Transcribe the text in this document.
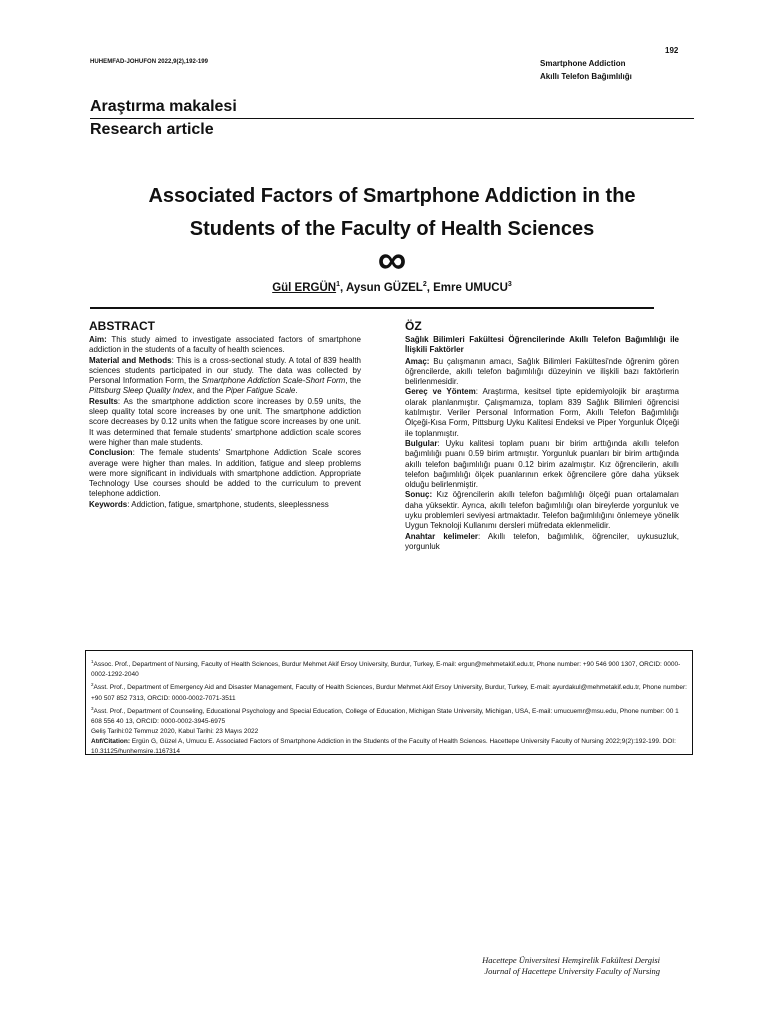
192
HUHEMFAD-JOHUFON 2022,9(2),192-199	Smartphone Addiction
Akıllı Telefon Bağımlılığı
Araştırma makalesi
Research article
Associated Factors of Smartphone Addiction in the
Students of the Faculty of Health Sciences
∞
Gül ERGÜN$^1$, Aysun GÜZEL$^2$, Emre UMUCU$^3$
ABSTRACT

Aim: This study aimed to investigate associated factors of smartphone addiction in the students of a faculty of health sciences.

Material and Methods: This is a cross-sectional study. A total of 839 health sciences students participated in our study. The data was collected by Personal Information Form, the Smartphone Addiction Scale-Short Form, the Pittsburg Sleep Quality Index, and the Piper Fatigue Scale.

Results: As the smartphone addiction score increases by 0.59 units, the sleep quality total score increases by one unit. The smartphone addiction score decreases by 0.12 units when the fatigue score increases by one unit. It was determined that female students' smartphone addiction scale scores were higher than male students.

Conclusion: The female students' Smartphone Addiction Scale scores average were higher than males. In addition, fatigue and sleep problems were more significant in individuals with smartphone addiction. Appropriate Technology Use courses should be added to the curriculum to prevent telephone addiction.

Keywords: Addiction, fatigue, smartphone, students, sleeplessness

ÖZ

Sağlık Bilimleri Fakültesi Öğrencilerinde Akıllı Telefon Bağımlılığı ile İlişkili Faktörler

Amaç: Bu çalışmanın amacı, Sağlık Bilimleri Fakültesi'nde öğrenim gören öğrencilerde, akıllı telefon bağımlılığı düzeyinin ve ilişkili bazı faktörlerin belirlenmesidir.

Gereç ve Yöntem: Araştırma, kesitsel tipte epidemiyolojik bir araştırma olarak planlanmıştır. Çalışmamıza, toplam 839 Sağlık Bilimleri öğrencisi katılmıştır. Veriler Personal Information Form, Akıllı Telefon Bağımlılığı Ölçeği-Kısa Form, Pittsburg Uyku Kalitesi Endeksi ve Piper Yorgunluk Ölçeği ile toplanmıştır.

Bulgular: Uyku kalitesi toplam puanı bir birim arttığında akıllı telefon bağımlılığı puanı 0.59 birim artmıştır. Yorgunluk puanları bir birim arttığında akıllı telefon bağımlılığı puanı 0.12 birim azalmıştır. Kız öğrencilerin, akıllı telefon bağımlılığı ölçek puanlarının erkek öğrencilere göre daha yüksek olduğu belirlenmiştir.

Sonuç: Kız öğrencilerin akıllı telefon bağımlılığı ölçeği puan ortalamaları daha yüksektir. Ayrıca, akıllı telefon bağımlılığı olan bireylerde yorgunluk ve uyku problemleri seviyesi artmaktadır. Telefon bağımlılığını önlemeye yönelik Uygun Teknoloji Kullanımı dersleri müfredata eklenmelidir.

Anahtar kelimeler: Akıllı telefon, bağımlılık, öğrenciler, uykusuzluk, yorgunluk

$^1$Assoc. Prof., Department of Nursing, Faculty of Health Sciences, Burdur Mehmet Akif Ersoy University, Burdur, Turkey, E-mail: ergun@mehmetakif.edu.tr, Phone number: +90 546 900 1307, ORCID: 0000-0002-1292-2040

$^2$Asst. Prof., Department of Emergency Aid and Disaster Management, Faculty of Health Sciences, Burdur Mehmet Akif Ersoy University, Burdur, Turkey, E-mail: ayurdakul@mehmetakif.edu.tr, Phone number: +90 507 852 7313, ORCID: 0000-0002-7071-3511

$^3$Asst. Prof., Department of Counseling, Educational Psychology and Special Education, College of Education, Michigan State University, Michigan, USA, E-mail: umucuemr@msu.edu, Phone number: 00 1 608 556 40 13, ORCID: 0000-0002-3945-6975

Geliş Tarihi:02 Temmuz 2020, Kabul Tarihi: 23 Mayıs 2022

Atıf/Citation: Ergün G, Güzel A, Umucu E. Associated Factors of Smartphone Addiction in the Students of the Faculty of Health Sciences. Hacettepe University Faculty of Nursing 2022;9(2):192-199. DOI: 10.31125/hunhemsire.1167314

Hacettepe Üniversitesi Hemşirelik Fakültesi Dergisi
Journal of Hacettepe University Faculty of Nursing
